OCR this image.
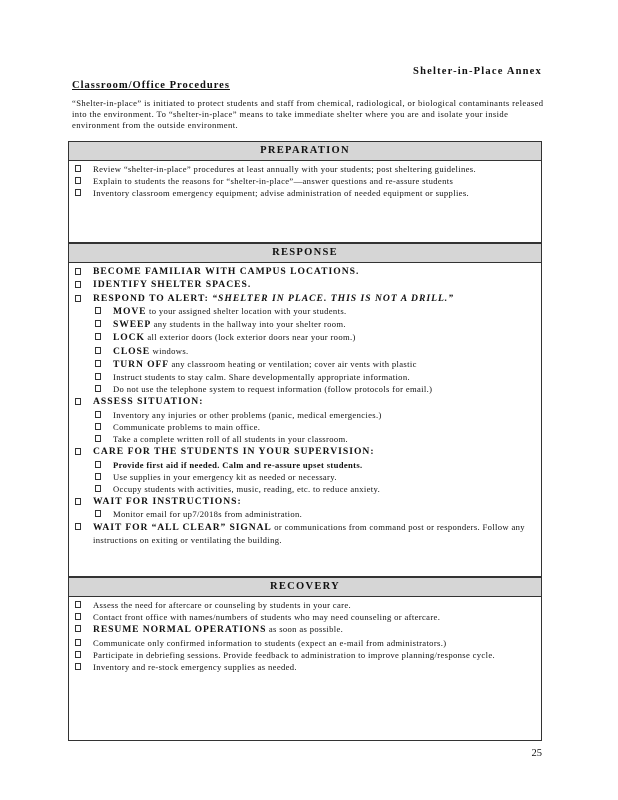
Shelter-in-Place Annex
Classroom/Office Procedures
“Shelter-in-place” is initiated to protect students and staff from chemical, radiological, or biological contaminants released into the environment. To “shelter-in-place” means to take immediate shelter where you are and isolate your inside environment from the outside environment.
PREPARATION
Review “shelter-in-place” procedures at least annually with your students; post sheltering guidelines.
Explain to students the reasons for “shelter-in-place”—answer questions and re-assure students
Inventory classroom emergency equipment; advise administration of needed equipment or supplies.
RESPONSE
BECOME FAMILIAR WITH CAMPUS LOCATIONS.
IDENTIFY SHELTER SPACES.
RESPOND TO ALERT: “SHELTER IN PLACE. THIS IS NOT A DRILL.”
MOVE to your assigned shelter location with your students.
SWEEP any students in the hallway into your shelter room.
LOCK all exterior doors (lock exterior doors near your room.)
CLOSE windows.
TURN OFF any classroom heating or ventilation; cover air vents with plastic
Instruct students to stay calm. Share developmentally appropriate information.
Do not use the telephone system to request information (follow protocols for email.)
ASSESS SITUATION:
Inventory any injuries or other problems (panic, medical emergencies.)
Communicate problems to main office.
Take a complete written roll of all students in your classroom.
CARE FOR THE STUDENTS IN YOUR SUPERVISION:
Provide first aid if needed. Calm and re-assure upset students.
Use supplies in your emergency kit as needed or necessary.
Occupy students with activities, music, reading, etc. to reduce anxiety.
WAIT FOR INSTRUCTIONS:
Monitor email for up7/2018s from administration.
WAIT FOR “ALL CLEAR” SIGNAL or communications from command post or responders. Follow any instructions on exiting or ventilating the building.
RECOVERY
Assess the need for aftercare or counseling by students in your care.
Contact front office with names/numbers of students who may need counseling or aftercare.
RESUME NORMAL OPERATIONS as soon as possible.
Communicate only confirmed information to students (expect an e-mail from administrators.)
Participate in debriefing sessions. Provide feedback to administration to improve planning/response cycle.
Inventory and re-stock emergency supplies as needed.
25
